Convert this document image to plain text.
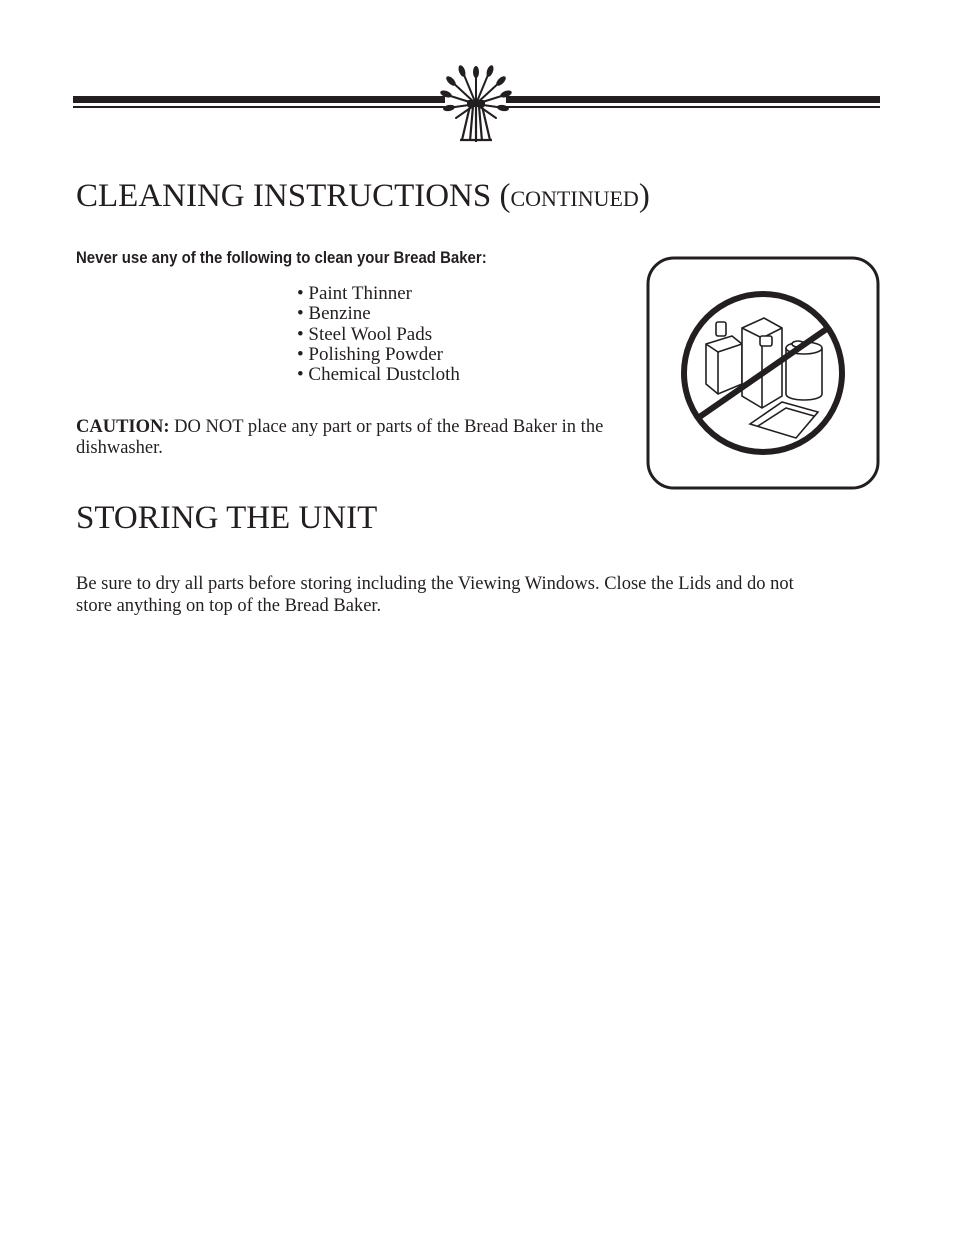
CLEANING INSTRUCTIONS (CONTINUED)
Never use any of the following to clean your Bread Baker:
• Paint Thinner
• Benzine
• Steel Wool Pads
• Polishing Powder
• Chemical Dustcloth
CAUTION: DO NOT place any part or parts of the Bread Baker in the dishwasher.
STORING THE UNIT
Be sure to dry all parts before storing including the Viewing Windows. Close the Lids and do not store anything on top of the Bread Baker.
